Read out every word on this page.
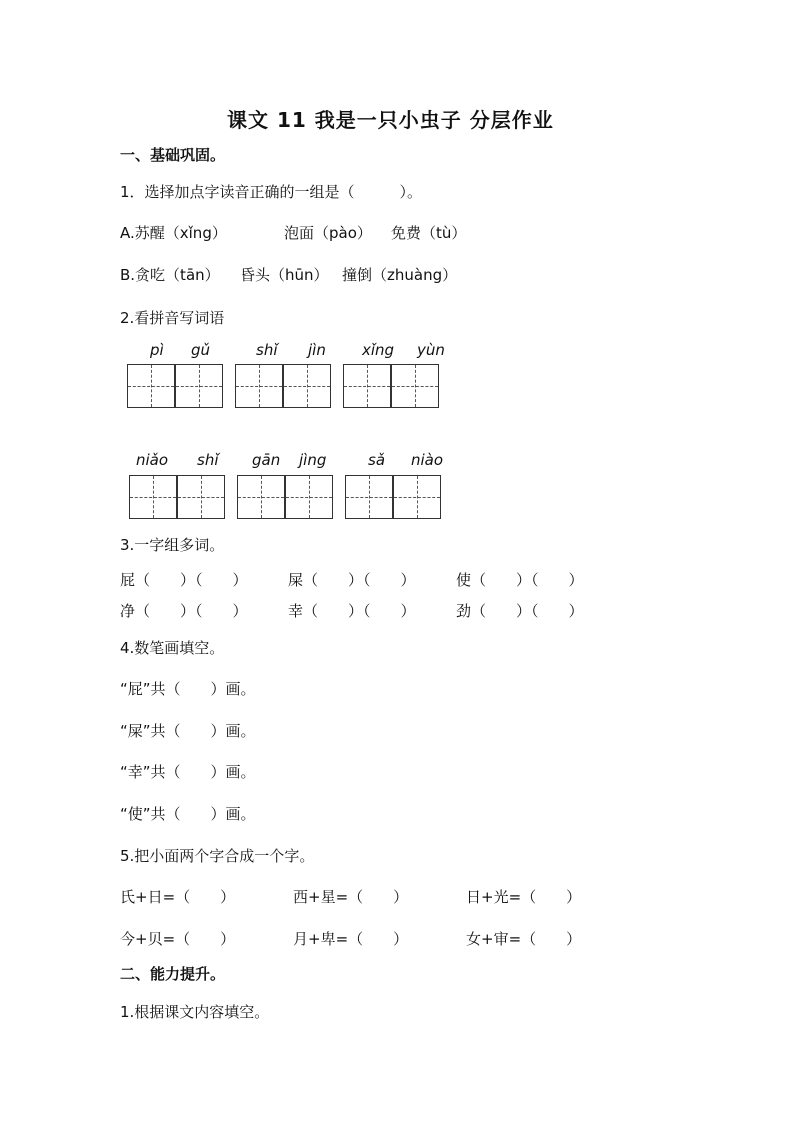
课文 11 我是一只小虫子 分层作业
一、基础巩固。
1．选择加点字读音正确的一组是（　　　）。
A.苏醒（xǐng）	泡面（pào） 免费（tù）
B.贪吃（tān） 昏头（hūn） 撞倒（zhuàng）
2.看拼音写词语
pì gǔ	shǐ jìn xǐng yùn
niǎo shǐ gān jìng	sǎ niào
3.一字组多词。
屁（　　）（　　）	屎（　　）（　　）	使（　　）（　　）
净（　　）（　　）	幸（　　）（　　）	劲（　　）（　　）
4.数笔画填空。
“屁”共（　　）画。
“屎”共（　　）画。
“幸”共（　　）画。
“使”共（　　）画。
5.把小面两个字合成一个字。
氏+日=（　　）	西+星=（　　）	日+光=（　　）
今+贝=（　　）	月+卑=（　　）	女+审=（　　）
二、能力提升。
1.根据课文内容填空。
